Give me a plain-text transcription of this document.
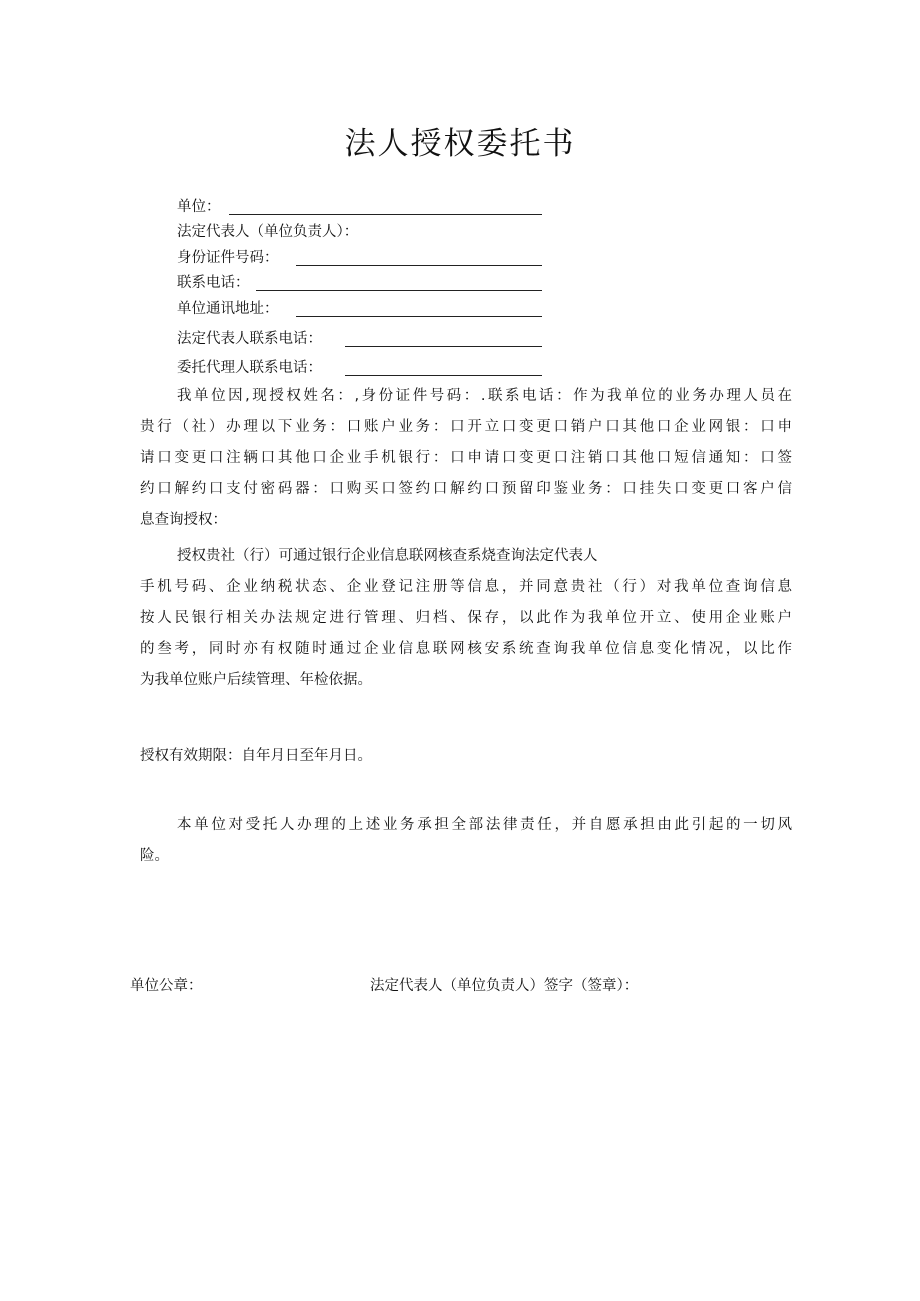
法人授权委托书
单位：
法定代表人（单位负责人）：
身份证件号码：
联系电话：
单位通讯地址：
法定代表人联系电话：
委托代理人联系电话：
我单位因,现授权姓名：,身份证件号码：.联系电话：作为我单位的业务办理人员在
贵行（社）办理以下业务：口账户业务：口开立口变更口销户口其他口企业网银：口申
请口变更口注辆口其他口企业手机银行：口申请口变更口注销口其他口短信通知：口签
约口解约口支付密码器：口购买口签约口解约口预留印鉴业务：口挂失口变更口客户信
息查询授权：
授权贵社（行）可通过银行企业信息联网核查系烧查询法定代表人
手机号码、企业纳税状态、企业登记注册等信息，并同意贵社（行）对我单位查询信息
按人民银行相关办法规定进行管理、归档、保存，以此作为我单位开立、使用企业账户
的叁考，同时亦有权随时通过企业信息联网核安系统查询我单位信息变化情况，以比作
为我单位账户后续管理、年检依据。
授权有效期限：自年月日至年月日。
本单位对受托人办理的上述业务承担全部法律责任，并自愿承担由此引起的一切风
险。
单位公章：	法定代表人（单位负责人）签字（签章）：
